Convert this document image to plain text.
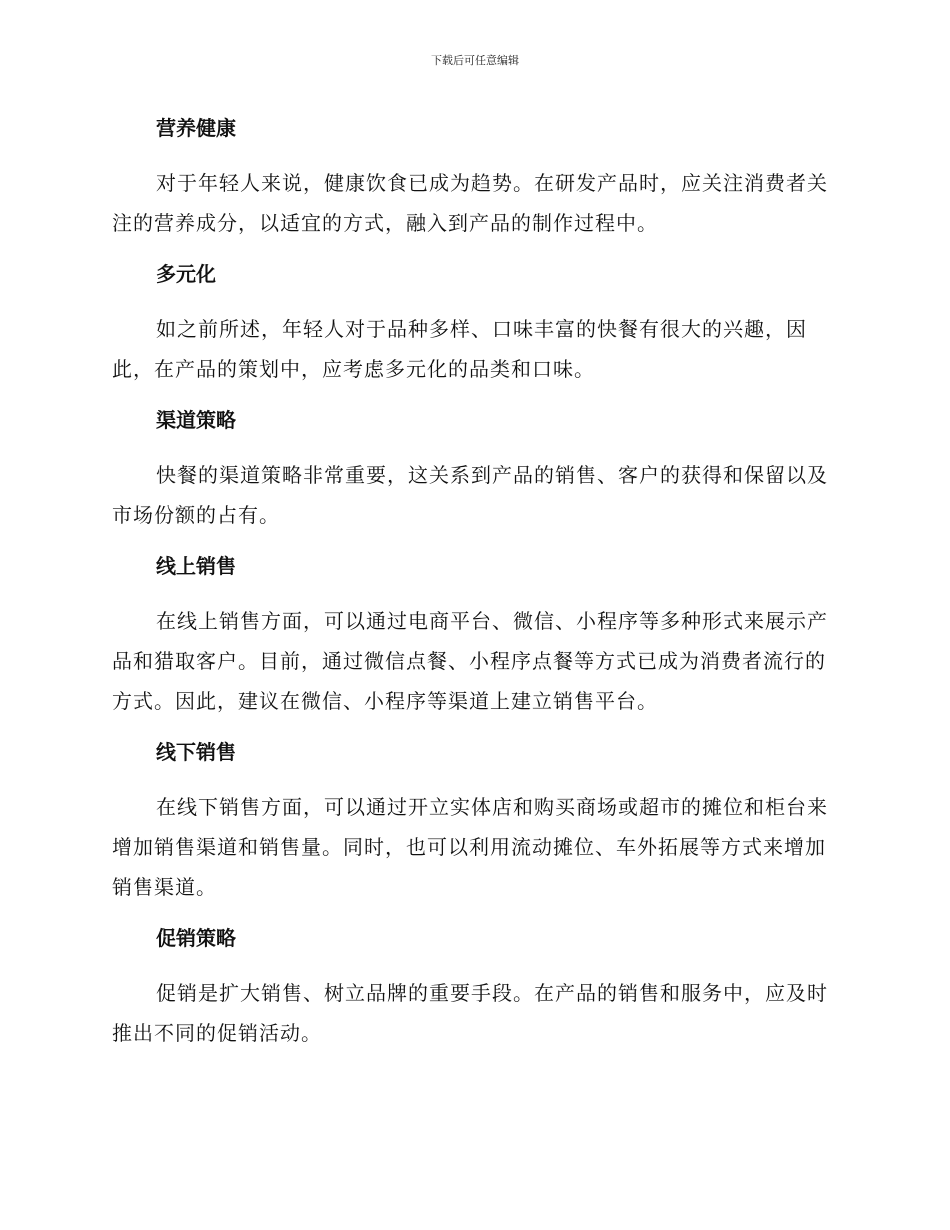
下载后可任意编辑
营养健康

对于年轻人来说，健康饮食已成为趋势。在研发产品时，应关注消费者关注的营养成分，以适宜的方式，融入到产品的制作过程中。

多元化

如之前所述，年轻人对于品种多样、口味丰富的快餐有很大的兴趣，因此，在产品的策划中，应考虑多元化的品类和口味。

渠道策略

快餐的渠道策略非常重要，这关系到产品的销售、客户的获得和保留以及市场份额的占有。

线上销售

在线上销售方面，可以通过电商平台、微信、小程序等多种形式来展示产品和猎取客户。目前，通过微信点餐、小程序点餐等方式已成为消费者流行的方式。因此，建议在微信、小程序等渠道上建立销售平台。

线下销售

在线下销售方面，可以通过开立实体店和购买商场或超市的摊位和柜台来增加销售渠道和销售量。同时，也可以利用流动摊位、车外拓展等方式来增加销售渠道。

促销策略

促销是扩大销售、树立品牌的重要手段。在产品的销售和服务中，应及时推出不同的促销活动。
